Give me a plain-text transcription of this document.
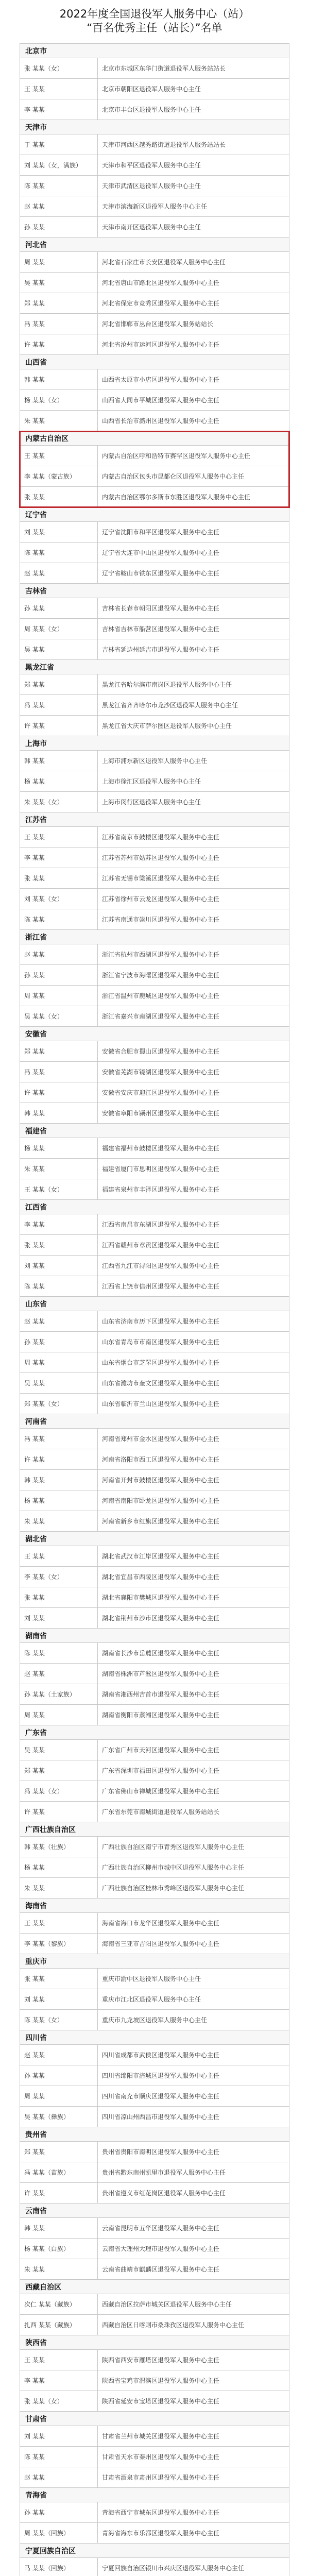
2022年度全国退役军人服务中心（站）
“百名优秀主任（站长）”名单
北京市
张 某某（女）	北京市东城区东华门街道退役军人服务站站长
王 某某	北京市朝阳区退役军人服务中心主任
李 某某	北京市丰台区退役军人服务中心主任
天津市
于 某某	天津市河西区越秀路街道退役军人服务站站长
刘 某某（女，满族）	天津市和平区退役军人服务中心主任
陈 某某	天津市武清区退役军人服务中心主任
赵 某某	天津市滨海新区退役军人服务中心主任
孙 某某	天津市南开区退役军人服务中心主任
河北省
周 某某	河北省石家庄市长安区退役军人服务中心主任
吴 某某	河北省唐山市路北区退役军人服务中心主任
郑 某某	河北省保定市竞秀区退役军人服务中心主任
冯 某某	河北省邯郸市丛台区退役军人服务站站长
许 某某	河北省沧州市运河区退役军人服务中心主任
山西省
韩 某某	山西省太原市小店区退役军人服务中心主任
杨 某某（女）	山西省大同市平城区退役军人服务中心主任
朱 某某	山西省长治市潞州区退役军人服务中心主任
内蒙古自治区
王 某某	内蒙古自治区呼和浩特市赛罕区退役军人服务中心主任
李 某某（蒙古族）	内蒙古自治区包头市昆都仑区退役军人服务中心主任
张 某某	内蒙古自治区鄂尔多斯市东胜区退役军人服务中心主任
辽宁省
刘 某某	辽宁省沈阳市和平区退役军人服务中心主任
陈 某某	辽宁省大连市中山区退役军人服务中心主任
赵 某某	辽宁省鞍山市铁东区退役军人服务中心主任
吉林省
孙 某某	吉林省长春市朝阳区退役军人服务中心主任
周 某某（女）	吉林省吉林市船营区退役军人服务中心主任
吴 某某	吉林省延边州延吉市退役军人服务中心主任
黑龙江省
郑 某某	黑龙江省哈尔滨市南岗区退役军人服务中心主任
冯 某某	黑龙江省齐齐哈尔市龙沙区退役军人服务中心主任
许 某某	黑龙江省大庆市萨尔图区退役军人服务中心主任
上海市
韩 某某	上海市浦东新区退役军人服务中心主任
杨 某某	上海市徐汇区退役军人服务中心主任
朱 某某（女）	上海市闵行区退役军人服务中心主任
江苏省
王 某某	江苏省南京市鼓楼区退役军人服务中心主任
李 某某	江苏省苏州市姑苏区退役军人服务中心主任
张 某某	江苏省无锡市梁溪区退役军人服务中心主任
刘 某某（女）	江苏省徐州市云龙区退役军人服务中心主任
陈 某某	江苏省南通市崇川区退役军人服务中心主任
浙江省
赵 某某	浙江省杭州市西湖区退役军人服务中心主任
孙 某某	浙江省宁波市海曙区退役军人服务中心主任
周 某某	浙江省温州市鹿城区退役军人服务中心主任
吴 某某（女）	浙江省嘉兴市南湖区退役军人服务中心主任
安徽省
郑 某某	安徽省合肥市蜀山区退役军人服务中心主任
冯 某某	安徽省芜湖市镜湖区退役军人服务中心主任
许 某某	安徽省安庆市迎江区退役军人服务中心主任
韩 某某	安徽省阜阳市颍州区退役军人服务中心主任
福建省
杨 某某	福建省福州市鼓楼区退役军人服务中心主任
朱 某某	福建省厦门市思明区退役军人服务中心主任
王 某某（女）	福建省泉州市丰泽区退役军人服务中心主任
江西省
李 某某	江西省南昌市东湖区退役军人服务中心主任
张 某某	江西省赣州市章贡区退役军人服务中心主任
刘 某某	江西省九江市浔阳区退役军人服务中心主任
陈 某某	江西省上饶市信州区退役军人服务中心主任
山东省
赵 某某	山东省济南市历下区退役军人服务中心主任
孙 某某	山东省青岛市市南区退役军人服务中心主任
周 某某	山东省烟台市芝罘区退役军人服务中心主任
吴 某某	山东省潍坊市奎文区退役军人服务中心主任
郑 某某（女）	山东省临沂市兰山区退役军人服务中心主任
河南省
冯 某某	河南省郑州市金水区退役军人服务中心主任
许 某某	河南省洛阳市西工区退役军人服务中心主任
韩 某某	河南省开封市鼓楼区退役军人服务中心主任
杨 某某	河南省南阳市卧龙区退役军人服务中心主任
朱 某某	河南省新乡市红旗区退役军人服务中心主任
湖北省
王 某某	湖北省武汉市江岸区退役军人服务中心主任
李 某某（女）	湖北省宜昌市西陵区退役军人服务中心主任
张 某某	湖北省襄阳市樊城区退役军人服务中心主任
刘 某某	湖北省荆州市沙市区退役军人服务中心主任
湖南省
陈 某某	湖南省长沙市岳麓区退役军人服务中心主任
赵 某某	湖南省株洲市芦淞区退役军人服务中心主任
孙 某某（土家族）	湖南省湘西州吉首市退役军人服务中心主任
周 某某	湖南省衡阳市蒸湘区退役军人服务中心主任
广东省
吴 某某	广东省广州市天河区退役军人服务中心主任
郑 某某	广东省深圳市福田区退役军人服务中心主任
冯 某某（女）	广东省佛山市禅城区退役军人服务中心主任
许 某某	广东省东莞市南城街道退役军人服务站站长
广西壮族自治区
韩 某某（壮族）	广西壮族自治区南宁市青秀区退役军人服务中心主任
杨 某某	广西壮族自治区柳州市城中区退役军人服务中心主任
朱 某某	广西壮族自治区桂林市秀峰区退役军人服务中心主任
海南省
王 某某	海南省海口市龙华区退役军人服务中心主任
李 某某（黎族）	海南省三亚市吉阳区退役军人服务中心主任
重庆市
张 某某	重庆市渝中区退役军人服务中心主任
刘 某某	重庆市江北区退役军人服务中心主任
陈 某某（女）	重庆市九龙坡区退役军人服务中心主任
四川省
赵 某某	四川省成都市武侯区退役军人服务中心主任
孙 某某	四川省绵阳市涪城区退役军人服务中心主任
周 某某	四川省南充市顺庆区退役军人服务中心主任
吴 某某（彝族）	四川省凉山州西昌市退役军人服务中心主任
贵州省
郑 某某	贵州省贵阳市南明区退役军人服务中心主任
冯 某某（苗族）	贵州省黔东南州凯里市退役军人服务中心主任
许 某某	贵州省遵义市红花岗区退役军人服务中心主任
云南省
韩 某某	云南省昆明市五华区退役军人服务中心主任
杨 某某（白族）	云南省大理州大理市退役军人服务中心主任
朱 某某	云南省曲靖市麒麟区退役军人服务中心主任
西藏自治区
次仁 某某（藏族）	西藏自治区拉萨市城关区退役军人服务中心主任
扎西 某某（藏族）	西藏自治区日喀则市桑珠孜区退役军人服务中心主任
陕西省
王 某某	陕西省西安市雁塔区退役军人服务中心主任
李 某某	陕西省宝鸡市渭滨区退役军人服务中心主任
张 某某（女）	陕西省延安市宝塔区退役军人服务中心主任
甘肃省
刘 某某	甘肃省兰州市城关区退役军人服务中心主任
陈 某某	甘肃省天水市秦州区退役军人服务中心主任
赵 某某	甘肃省酒泉市肃州区退役军人服务中心主任
青海省
孙 某某	青海省西宁市城东区退役军人服务中心主任
周 某某（回族）	青海省海东市乐都区退役军人服务中心主任
宁夏回族自治区
马 某某（回族）	宁夏回族自治区银川市兴庆区退役军人服务中心主任
